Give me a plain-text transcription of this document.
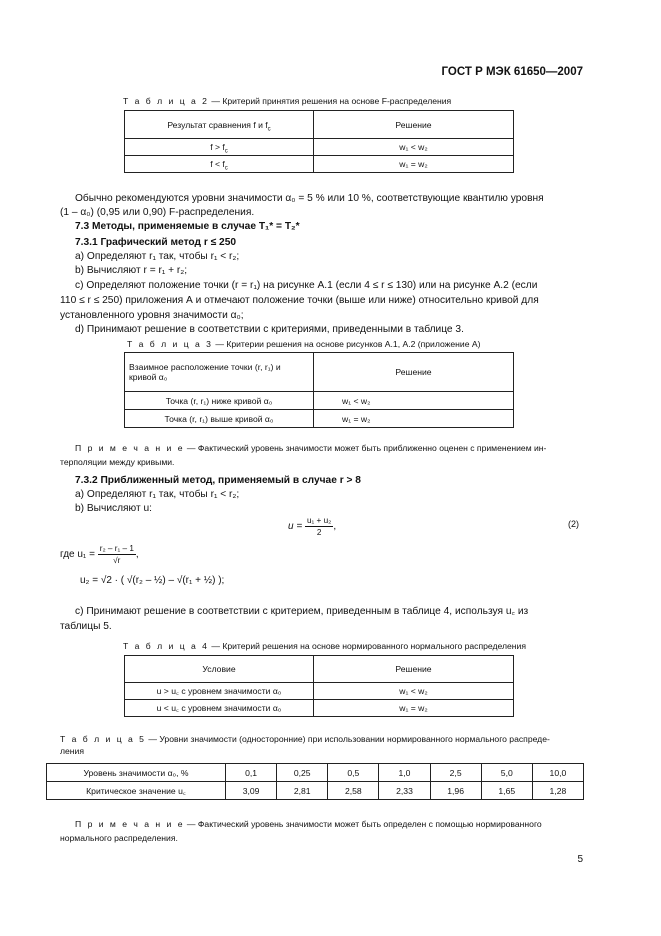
ГОСТ Р МЭК 61650—2007
Т а б л и ц а 2 — Критерий принятия решения на основе F-распределения
Результат сравнения f и $f_c$	Решение
$f > f_c$	w₁ < w₂
$f < f_c$	w₁ = w₂
Обычно рекомендуются уровни значимости α₀ = 5 % или 10 %, соответствующие квантилю уровня
(1 – α₀) (0,95 или 0,90) F-распределения.
7.3 Методы, применяемые в случае T₁* = T₂*
7.3.1 Графический метод r ≤ 250
a) Определяют r₁ так, чтобы r₁ < r₂;
b) Вычисляют r = r₁ + r₂;
c) Определяют положение точки (r = r₁) на рисунке А.1 (если 4 ≤ r ≤ 130) или на рисунке А.2 (если
110 ≤ r ≤ 250) приложения А и отмечают положение точки (выше или ниже) относительно кривой для
установленного уровня значимости α₀;
d) Принимают решение в соответствии с критериями, приведенными в таблице 3.
Т а б л и ц а 3 — Критерии решения на основе рисунков А.1, А.2 (приложение А)
Взаимное расположение точки (r, r₁) и
кривой α₀	Решение
Точка (r, r₁) ниже кривой α₀	w₁ < w₂
Точка (r, r₁) выше кривой α₀	w₁ = w₂
П р и м е ч а н и е — Фактический уровень значимости может быть приближенно оценен с применением ин-
терполяции между кривыми.
7.3.2 Приближенный метод, применяемый в случае r > 8
a) Определяют r₁ так, чтобы r₁ < r₂;
b) Вычисляют u:
$u = \frac{\text{u₁ + u₂}}{2}$ ,	(2)
где $u_1 = \frac{\text{r₂ – r₁ – 1}}{√r}$ ,
u₂ = √2 · ( √(r₂ – ½) – √(r₁ + ½) );
c) Принимают решение в соответствии с критерием, приведенным в таблице 4, используя u꜀ из
таблицы 5.
Т а б л и ц а 4 — Критерий решения на основе нормированного нормального распределения
Условие	Решение
u > u꜀ с уровнем значимости α₀	w₁ < w₂
u < u꜀ с уровнем значимости α₀	w₁ = w₂
Т а б л и ц а 5 — Уровни значимости (односторонние) при использовании нормированного нормального распреде-
ления
Уровень значимости α₀, %	0,1	0,25	0,5	1,0	2,5	5,0	10,0
Критическое значение u꜀	3,09	2,81	2,58	2,33	1,96	1,65	1,28
П р и м е ч а н и е — Фактический уровень значимости может быть определен с помощью нормированного
нормального распределения.
5
